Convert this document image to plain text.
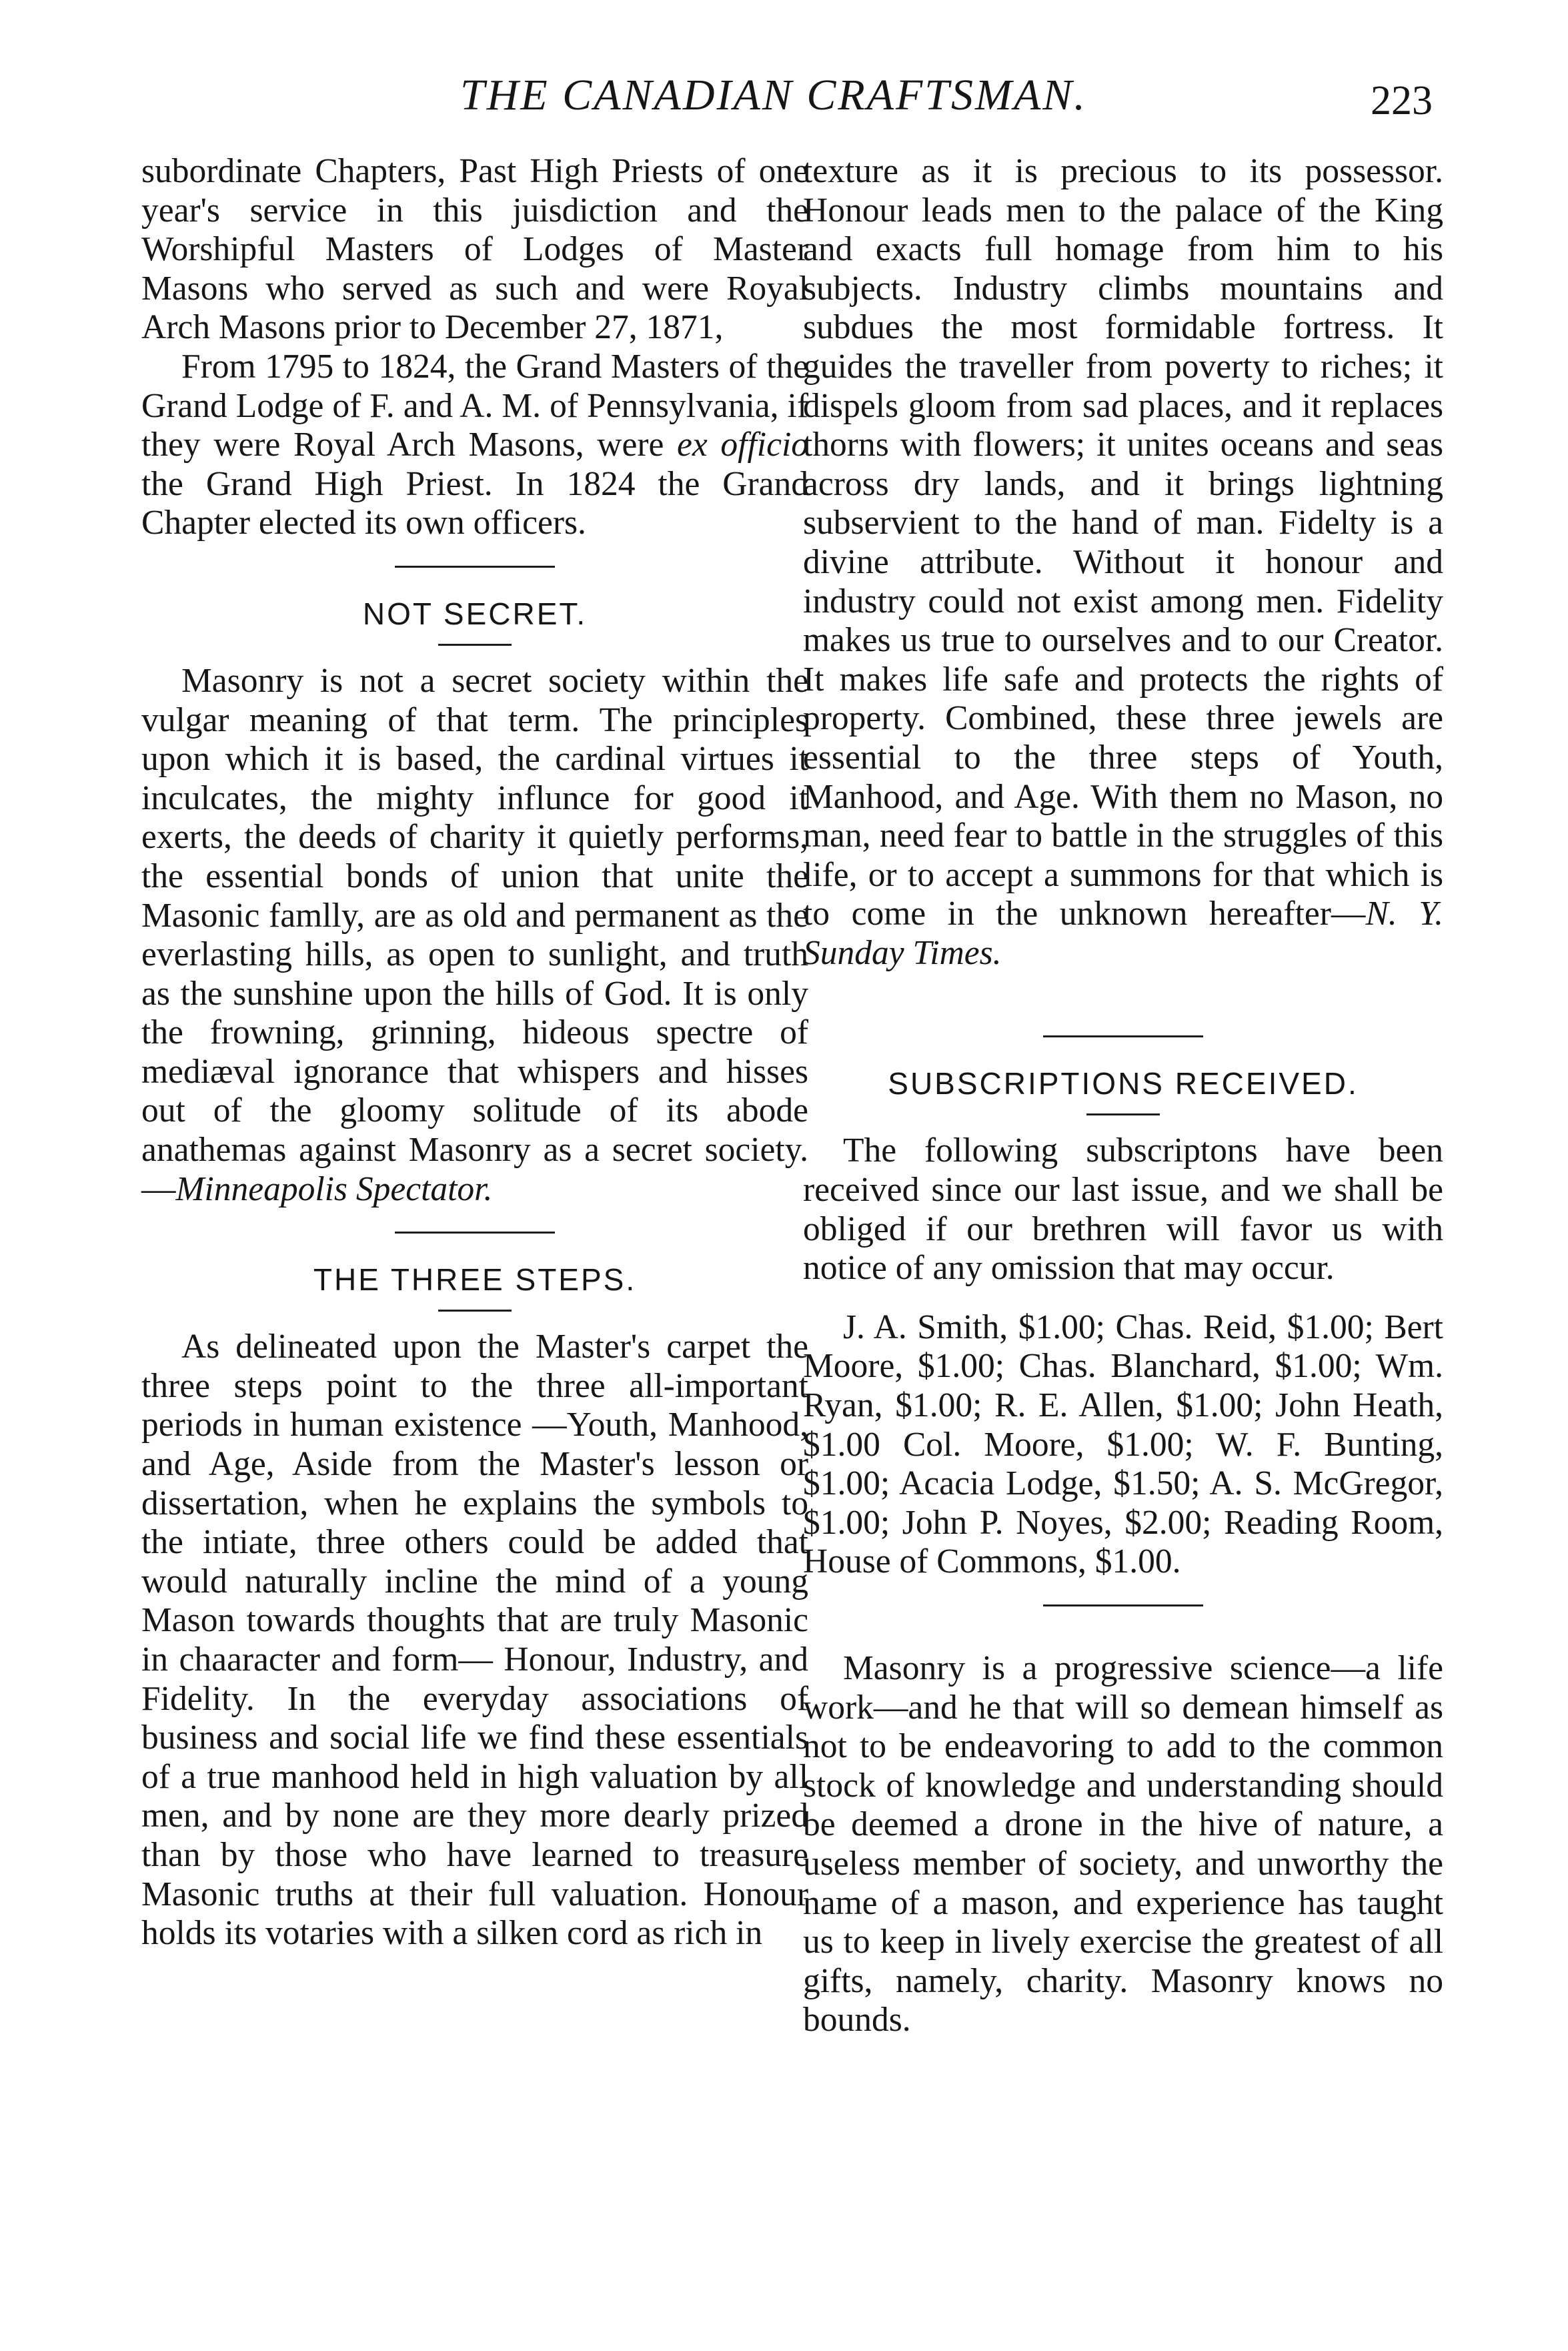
THE CANADIAN CRAFTSMAN.	223

subordinate Chapters, Past High Priests of one year's service in this juisdiction and the Worshipful Masters of Lodges of Master Masons who served as such and were Royal Arch Masons prior to December 27, 1871,

From 1795 to 1824, the Grand Masters of the Grand Lodge of F. and A. M. of Pennsylvania, if they were Royal Arch Masons, were ex officio the Grand High Priest. In 1824 the Grand Chapter elected its own officers.

NOT SECRET.

Masonry is not a secret society within the vulgar meaning of that term. The principles upon which it is based, the cardinal virtues it inculcates, the mighty influnce for good it exerts, the deeds of charity it quietly performs, the essential bonds of union that unite the Masonic famlly, are as old and permanent as the everlasting hills, as open to sunlight, and truth as the sunshine upon the hills of God. It is only the frowning, grinning, hideous spectre of mediæval ignorance that whispers and hisses out of the gloomy solitude of its abode anathemas against Masonry as a secret society.—Minneapolis Spectator.

THE THREE STEPS.

As delineated upon the Master's carpet the three steps point to the three all-important periods in human existence —Youth, Manhood, and Age, Aside from the Master's lesson or dissertation, when he explains the symbols to the intiate, three others could be added that would naturally incline the mind of a young Mason towards thoughts that are truly Masonic in chaaracter and form— Honour, Industry, and Fidelity. In the everyday associations of business and social life we find these essentials of a true manhood held in high valuation by all men, and by none are they more dearly prized than by those who have learned to treasure Masonic truths at their full valuation. Honour holds its votaries with a silken cord as rich in

texture as it is precious to its possessor. Honour leads men to the palace of the King and exacts full homage from him to his subjects. Industry climbs mountains and subdues the most formidable fortress. It guides the traveller from poverty to riches; it dispels gloom from sad places, and it replaces thorns with flowers; it unites oceans and seas across dry lands, and it brings lightning subservient to the hand of man. Fidelty is a divine attribute. Without it honour and industry could not exist among men. Fidelity makes us true to ourselves and to our Creator. It makes life safe and protects the rights of property. Combined, these three jewels are essential to the three steps of Youth, Manhood, and Age. With them no Mason, no man, need fear to battle in the struggles of this life, or to accept a summons for that which is to come in the unknown hereafter—N. Y. Sunday Times.

SUBSCRIPTIONS RECEIVED.

The following subscriptons have been received since our last issue, and we shall be obliged if our brethren will favor us with notice of any omission that may occur.

J. A. Smith, $1.00; Chas. Reid, $1.00; Bert Moore, $1.00; Chas. Blanchard, $1.00; Wm. Ryan, $1.00; R. E. Allen, $1.00; John Heath, $1.00 Col. Moore, $1.00; W. F. Bunting, $1.00; Acacia Lodge, $1.50; A. S. McGregor, $1.00; John P. Noyes, $2.00; Reading Room, House of Commons, $1.00.

Masonry is a progressive science—a life work—and he that will so demean himself as not to be endeavoring to add to the common stock of knowledge and understanding should be deemed a drone in the hive of nature, a useless member of society, and unworthy the name of a mason, and experience has taught us to keep in lively exercise the greatest of all gifts, namely, charity. Masonry knows no bounds.
